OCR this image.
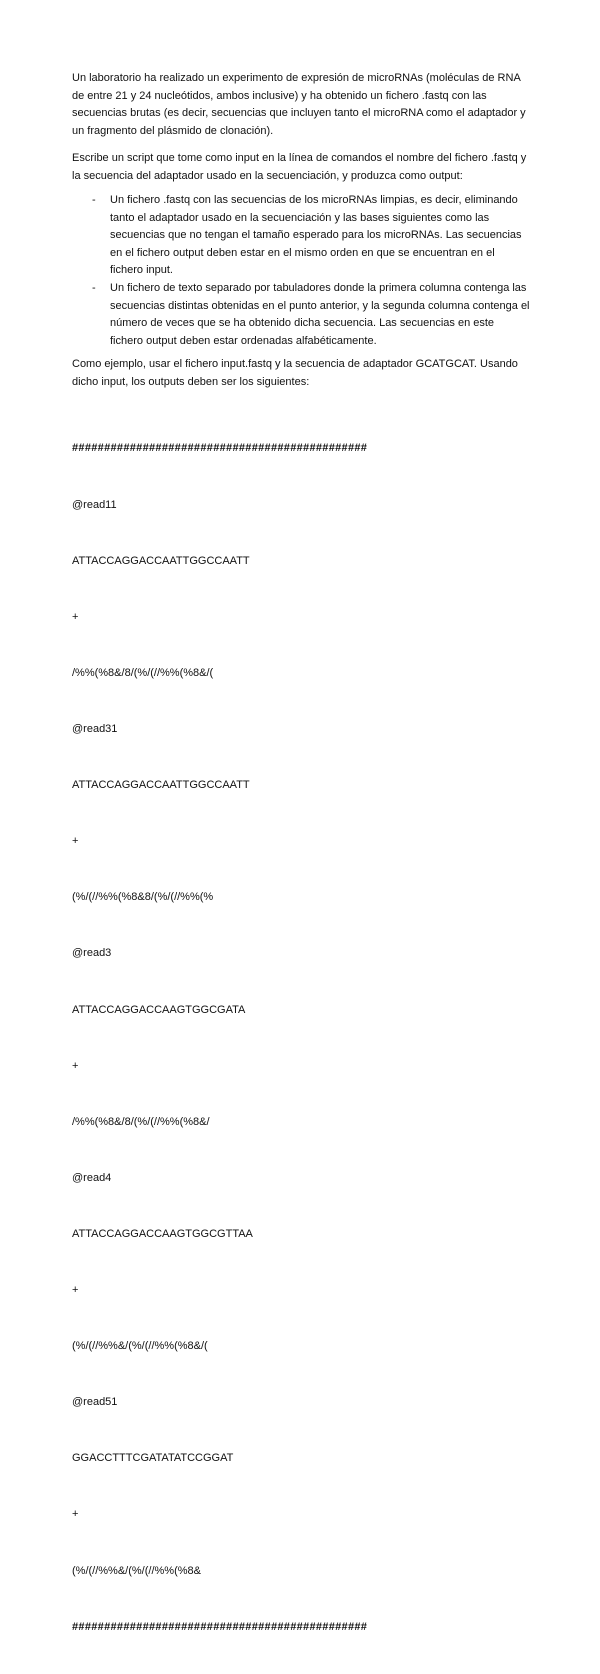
Un laboratorio ha realizado un experimento de expresión de microRNAs (moléculas de RNA de entre 21 y 24 nucleótidos, ambos inclusive) y ha obtenido un fichero .fastq con las secuencias brutas (es decir, secuencias que incluyen tanto el microRNA como el adaptador y un fragmento del plásmido de clonación).

Escribe un script que tome como input en la línea de comandos el nombre del fichero .fastq y la secuencia del adaptador usado en la secuenciación, y produzca como output:

- Un fichero .fastq con las secuencias de los microRNAs limpias, es decir, eliminando tanto el adaptador usado en la secuenciación y las bases siguientes como las secuencias que no tengan el tamaño esperado para los microRNAs. Las secuencias en el fichero output deben estar en el mismo orden en que se encuentran en el fichero input.

- Un fichero de texto separado por tabuladores donde la primera columna contenga las secuencias distintas obtenidas en el punto anterior, y la segunda columna contenga el número de veces que se ha obtenido dicha secuencia. Las secuencias en este fichero output deben estar ordenadas alfabéticamente.

Como ejemplo, usar el fichero input.fastq y la secuencia de adaptador GCATGCAT. Usando dicho input, los outputs deben ser los siguientes:

##############################################

@read11

ATTACCAGGACCAATTGGCCAATT

+

/%%(%8&/8/(%/(//%%(%8&/(

@read31

ATTACCAGGACCAATTGGCCAATT

+

(%/(//%%(%8&8/(%/(//%%(%

@read3

ATTACCAGGACCAAGTGGCGATA

+

/%%(%8&/8/(%/(//%%(%8&/

@read4

ATTACCAGGACCAAGTGGCGTTAA

+

(%/(//%%&/(%/(//%%(%8&/(

@read51

GGACCTTTCGATATATCCGGAT

+

(%/(//%%&/(%/(//%%(%8&

##############################################
